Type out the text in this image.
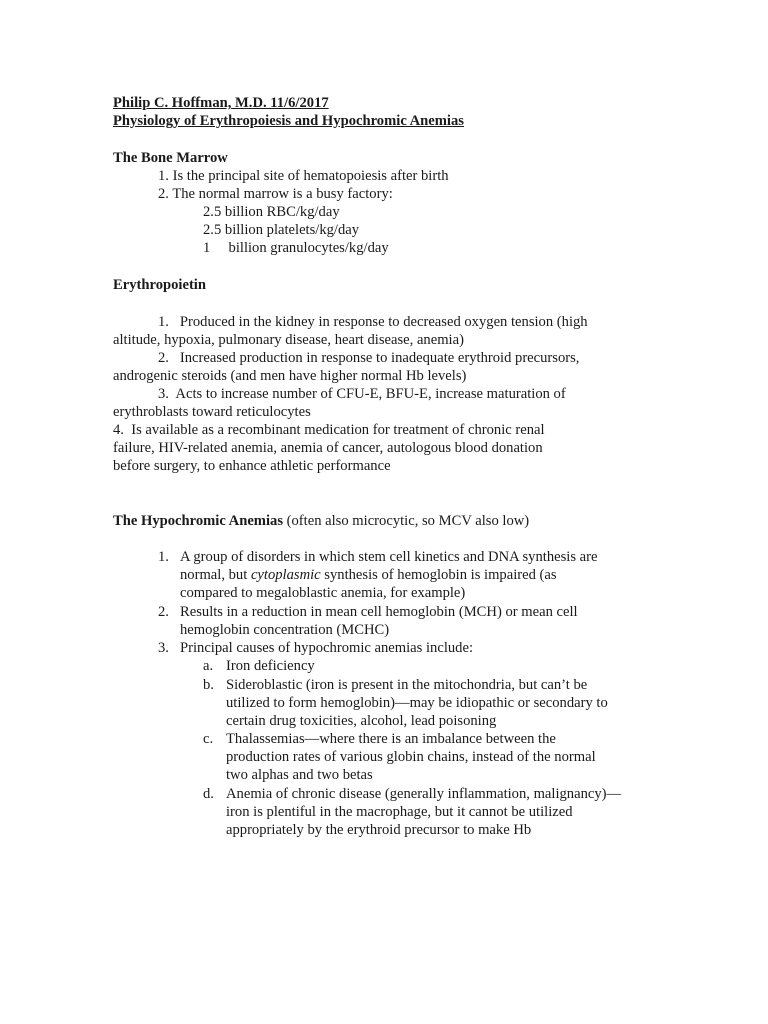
Philip C. Hoffman, M.D. 11/6/2017
Physiology of Erythropoiesis and Hypochromic Anemias
The Bone Marrow
1. Is the principal site of hematopoiesis after birth
2. The normal marrow is a busy factory:
2.5 billion RBC/kg/day
2.5 billion platelets/kg/day
1     billion granulocytes/kg/day
Erythropoietin
1.   Produced in the kidney in response to decreased oxygen tension (high
altitude, hypoxia, pulmonary disease, heart disease, anemia)
2.   Increased production in response to inadequate erythroid precursors,
androgenic steroids (and men have higher normal Hb levels)
3.  Acts to increase number of CFU-E, BFU-E, increase maturation of
erythroblasts toward reticulocytes
4.  Is available as a recombinant medication for treatment of chronic renal
failure, HIV-related anemia, anemia of cancer, autologous blood donation
before surgery, to enhance athletic performance
The Hypochromic Anemias (often also microcytic, so MCV also low)
1. A group of disorders in which stem cell kinetics and DNA synthesis are
normal, but cytoplasmic synthesis of hemoglobin is impaired (as
compared to megaloblastic anemia, for example)
2. Results in a reduction in mean cell hemoglobin (MCH) or mean cell
hemoglobin concentration (MCHC)
3. Principal causes of hypochromic anemias include:
a. Iron deficiency
b. Sideroblastic (iron is present in the mitochondria, but can’t be
utilized to form hemoglobin)—may be idiopathic or secondary to
certain drug toxicities, alcohol, lead poisoning
c. Thalassemias—where there is an imbalance between the
production rates of various globin chains, instead of the normal
two alphas and two betas
d. Anemia of chronic disease (generally inflammation, malignancy)—
iron is plentiful in the macrophage, but it cannot be utilized
appropriately by the erythroid precursor to make Hb
